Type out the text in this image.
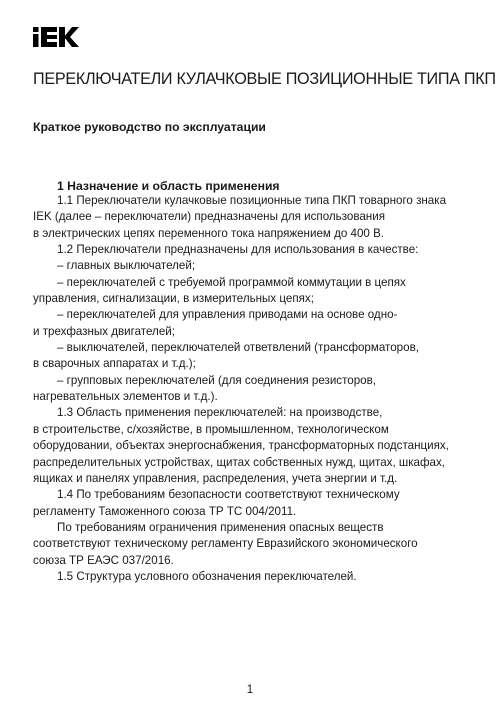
ПЕРЕКЛЮЧАТЕЛИ КУЛАЧКОВЫЕ ПОЗИЦИОННЫЕ ТИПА ПКП
Краткое руководство по эксплуатации
1 Назначение и область применения
1.1 Переключатели кулачковые позиционные типа ПКП товарного знака
IEK (далее – переключатели) предназначены для использования
в электрических цепях переменного тока напряжением до 400 В.
1.2 Переключатели предназначены для использования в качестве:
– главных выключателей;
– переключателей с требуемой программой коммутации в цепях
управления, сигнализации, в измерительных цепях;
– переключателей для управления приводами на основе одно-
и трехфазных двигателей;
– выключателей, переключателей ответвлений (трансформаторов,
в сварочных аппаратах и т.д.);
– групповых переключателей (для соединения резисторов,
нагревательных элементов и т.д.).
1.3 Область применения переключателей: на производстве,
в строительстве, с/хозяйстве, в промышленном, технологическом
оборудовании, объектах энергоснабжения, трансформаторных подстанциях,
распределительных устройствах, щитах собственных нужд, щитах, шкафах,
ящиках и панелях управления, распределения, учета энергии и т.д.
1.4 По требованиям безопасности соответствуют техническому
регламенту Таможенного союза ТР ТС 004/2011.
По требованиям ограничения применения опасных веществ
соответствуют техническому регламенту Евразийского экономического
союза ТР ЕАЭС 037/2016.
1.5 Структура условного обозначения переключателей.
1
